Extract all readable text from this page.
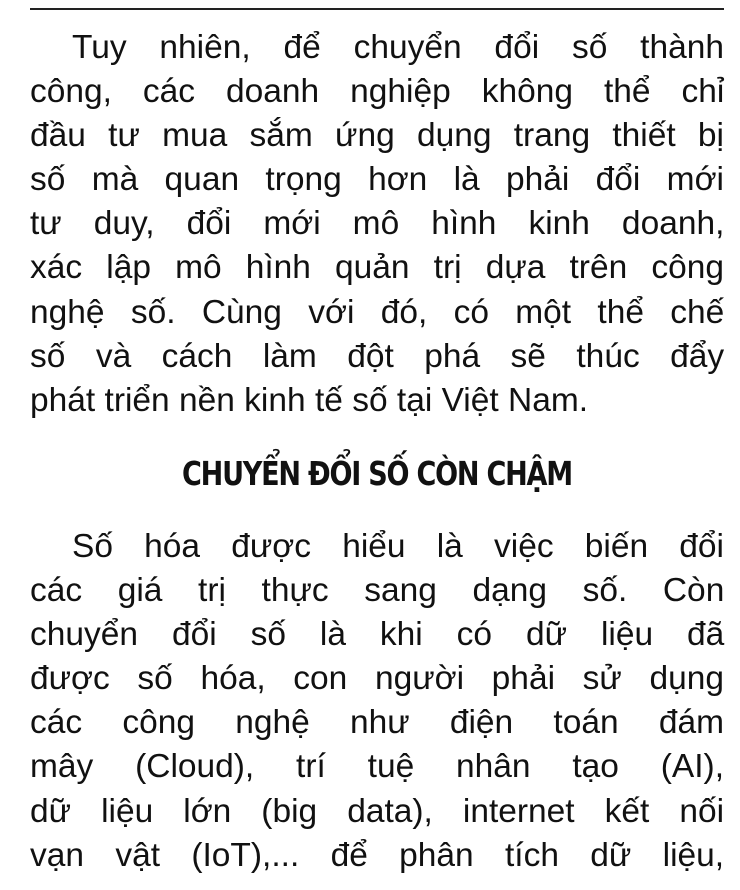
Tuy nhiên, để chuyển đổi số thành
công, các doanh nghiệp không thể chỉ
đầu tư mua sắm ứng dụng trang thiết bị
số mà quan trọng hơn là phải đổi mới
tư duy, đổi mới mô hình kinh doanh,
xác lập mô hình quản trị dựa trên công
nghệ số. Cùng với đó, có một thể chế
số và cách làm đột phá sẽ thúc đẩy
phát triển nền kinh tế số tại Việt Nam.
CHUYỂN ĐỔI SỐ CÒN CHẬM
Số hóa được hiểu là việc biến đổi
các giá trị thực sang dạng số. Còn
chuyển đổi số là khi có dữ liệu đã
được số hóa, con người phải sử dụng
các công nghệ như điện toán đám
mây (Cloud), trí tuệ nhân tạo (AI),
dữ liệu lớn (big data), internet kết nối
vạn vật (IoT),... để phân tích dữ liệu,
